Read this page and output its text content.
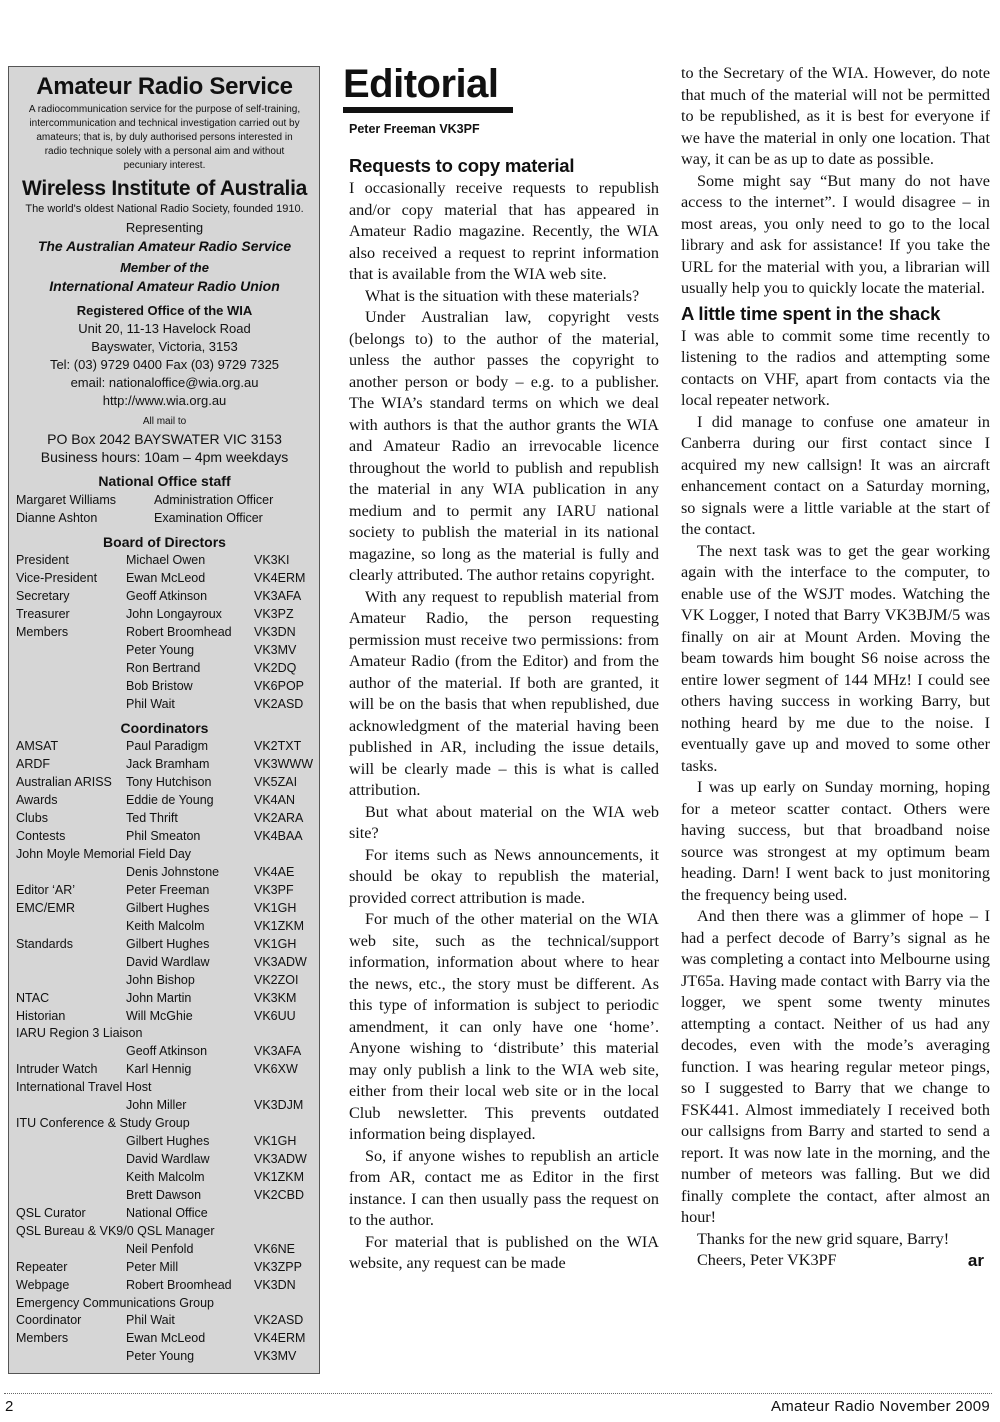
Amateur Radio Service
A radiocommunication service for the purpose of self-training, intercommunication and technical investigation carried out by amateurs; that is, by duly authorised persons interested in radio technique solely with a personal aim and without pecuniary interest.
Wireless Institute of Australia
The world's oldest National Radio Society, founded 1910.
Representing
The Australian Amateur Radio Service
Member of the
International Amateur Radio Union
Registered Office of the WIA
Unit 20, 11-13 Havelock Road
Bayswater, Victoria, 3153
Tel: (03) 9729 0400 Fax (03) 9729 7325
email: nationaloffice@wia.org.au
http://www.wia.org.au
All mail to
PO Box 2042 BAYSWATER VIC 3153
Business hours: 10am – 4pm weekdays
National Office staff
Margaret Williams	Administration Officer
Dianne Ashton	Examination Officer
Board of Directors
President	Michael Owen	VK3KI
Vice-President	Ewan McLeod	VK4ERM
Secretary	Geoff Atkinson	VK3AFA
Treasurer	John Longayroux	VK3PZ
Members	Robert Broomhead	VK3DN
Peter Young	VK3MV
Ron Bertrand	VK2DQ
Bob Bristow	VK6POP
Phil Wait	VK2ASD
Coordinators
AMSAT	Paul Paradigm	VK2TXT
ARDF	Jack Bramham	VK3WWW
Australian ARISS	Tony Hutchison	VK5ZAI
Awards	Eddie de Young	VK4AN
Clubs	Ted Thrift	VK2ARA
Contests	Phil Smeaton	VK4BAA
John Moyle Memorial Field Day
Denis Johnstone	VK4AE
Editor ‘AR’	Peter Freeman	VK3PF
EMC/EMR	Gilbert Hughes	VK1GH
Keith Malcolm	VK1ZKM
Standards	Gilbert Hughes	VK1GH
David Wardlaw	VK3ADW
John Bishop	VK2ZOI
NTAC	John Martin	VK3KM
Historian	Will McGhie	VK6UU
IARU Region 3 Liaison
Geoff Atkinson	VK3AFA
Intruder Watch	Karl Hennig	VK6XW
International Travel Host
John Miller	VK3DJM
ITU Conference & Study Group
Gilbert Hughes	VK1GH
David Wardlaw	VK3ADW
Keith Malcolm	VK1ZKM
Brett Dawson	VK2CBD
QSL Curator	National Office
QSL Bureau & VK9/0 QSL Manager
Neil Penfold	VK6NE
Repeater	Peter Mill	VK3ZPP
Webpage	Robert Broomhead	VK3DN
Emergency Communications Group
Coordinator	Phil Wait	VK2ASD
Members	Ewan McLeod	VK4ERM
Peter Young	VK3MV
Editorial
Peter Freeman VK3PF
Requests to copy material

I occasionally receive requests to republish and/or copy material that has appeared in Amateur Radio magazine. Recently, the WIA also received a request to reprint information that is available from the WIA web site.

What is the situation with these materials?

Under Australian law, copyright vests (belongs to) to the author of the material, unless the author passes the copyright to another person or body – e.g. to a publisher. The WIA’s standard terms on which we deal with authors is that the author grants the WIA and Amateur Radio an irrevocable licence throughout the world to publish and republish the material in any WIA publication in any medium and to permit any IARU national society to publish the material in its national magazine, so long as the material is fully and clearly attributed. The author retains copyright.

With any request to republish material from Amateur Radio, the person requesting permission must receive two permissions: from Amateur Radio (from the Editor) and from the author of the material. If both are granted, it will be on the basis that when republished, due acknowledgment of the material having been published in AR, including the issue details, will be clearly made – this is what is called attribution.

But what about material on the WIA web site?

For items such as News announcements, it should be okay to republish the material, provided correct attribution is made.

For much of the other material on the WIA web site, such as the technical/support information, information about where to hear the news, etc., the story must be different. As this type of information is subject to periodic amendment, it can only have one ‘home’. Anyone wishing to ‘distribute’ this material may only publish a link to the WIA web site, either from their local web site or in the local Club newsletter. This prevents outdated information being displayed.

So, if anyone wishes to republish an article from AR, contact me as Editor in the first instance. I can then usually pass the request on to the author.

For material that is published on the WIA website, any request can be made

to the Secretary of the WIA. However, do note that much of the material will not be permitted to be republished, as it is best for everyone if we have the material in only one location. That way, it can be as up to date as possible.

Some might say “But many do not have access to the internet”. I would disagree – in most areas, you only need to go to the local library and ask for assistance! If you take the URL for the material with you, a librarian will usually help you to quickly locate the material.

A little time spent in the shack

I was able to commit some time recently to listening to the radios and attempting some contacts on VHF, apart from contacts via the local repeater network.

I did manage to confuse one amateur in Canberra during our first contact since I acquired my new callsign! It was an aircraft enhancement contact on a Saturday morning, so signals were a little variable at the start of the contact.

The next task was to get the gear working again with the interface to the computer, to enable use of the WSJT modes. Watching the VK Logger, I noted that Barry VK3BJM/5 was finally on air at Mount Arden. Moving the beam towards him bought S6 noise across the entire lower segment of 144 MHz! I could see others having success in working Barry, but nothing heard by me due to the noise. I eventually gave up and moved to some other tasks.

I was up early on Sunday morning, hoping for a meteor scatter contact. Others were having success, but that broadband noise source was strongest at my optimum beam heading. Darn! I went back to just monitoring the frequency being used.

And then there was a glimmer of hope – I had a perfect decode of Barry’s signal as he was completing a contact into Melbourne using JT65a. Having made contact with Barry via the logger, we spent some twenty minutes attempting a contact. Neither of us had any decodes, even with the mode’s averaging function. I was hearing regular meteor pings, so I suggested to Barry that we change to FSK441. Almost immediately I received both our callsigns from Barry and started to send a report. It was now late in the morning, and the number of meteors was falling. But we did finally complete the contact, after almost an hour!

Thanks for the new grid square, Barry!

Cheers, Peter VK3PF	ar

2	Amateur Radio November 2009
